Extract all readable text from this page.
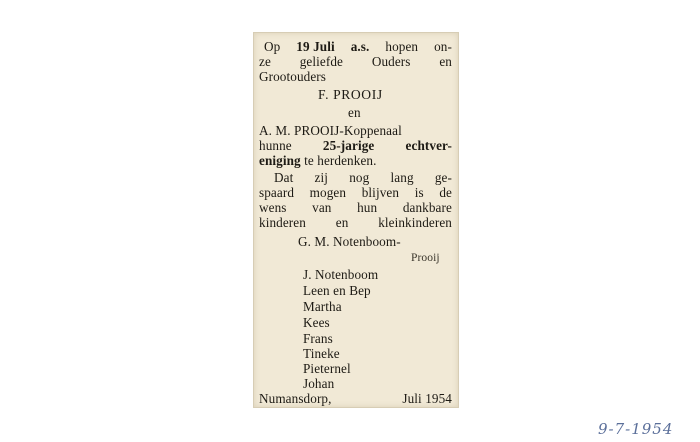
Op 19 Juli a.s. hopen on-
ze geliefde Ouders en
Grootouders
F. PROOIJ
en
A. M. PROOIJ-Koppenaal
hunne 25-jarige echtver-
eniging te herdenken.
Dat zij nog lang ge-
spaard mogen blijven is de
wens van hun dankbare
kinderen en kleinkinderen
G. M. Notenboom-
Prooij
J. Notenboom
Leen en Bep
Martha
Kees
Frans
Tineke
Pieternel
Johan
Numansdorp,	Juli 1954
9-7-1954
